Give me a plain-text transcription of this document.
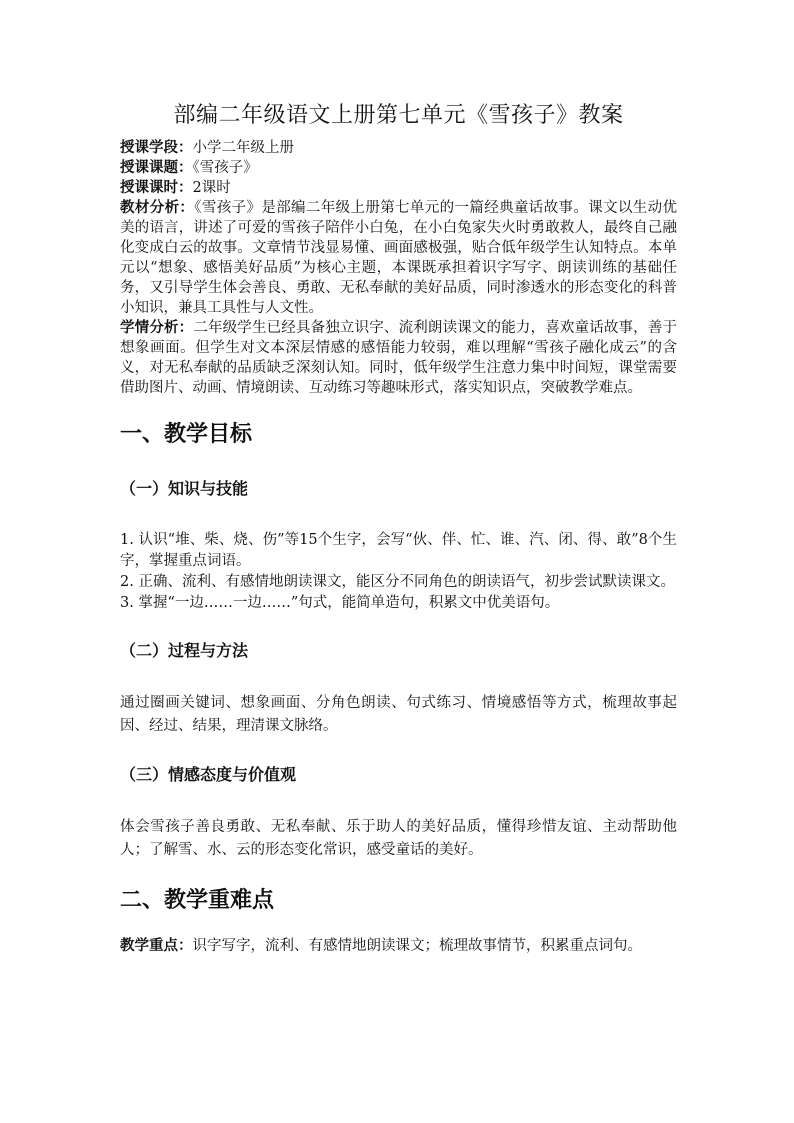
部编二年级语文上册第七单元《雪孩子》教案

授课学段：小学二年级上册

授课课题：《雪孩子》

授课课时：2课时

教材分析：《雪孩子》是部编二年级上册第七单元的一篇经典童话故事。课文以生动优美的语言，讲述了可爱的雪孩子陪伴小白兔，在小白兔家失火时勇敢救人，最终自己融化变成白云的故事。文章情节浅显易懂、画面感极强，贴合低年级学生认知特点。本单元以“想象、感悟美好品质”为核心主题，本课既承担着识字写字、朗读训练的基础任务，又引导学生体会善良、勇敢、无私奉献的美好品质，同时渗透水的形态变化的科普小知识，兼具工具性与人文性。

学情分析：二年级学生已经具备独立识字、流利朗读课文的能力，喜欢童话故事，善于想象画面。但学生对文本深层情感的感悟能力较弱，难以理解“雪孩子融化成云”的含义，对无私奉献的品质缺乏深刻认知。同时，低年级学生注意力集中时间短，课堂需要借助图片、动画、情境朗读、互动练习等趣味形式，落实知识点，突破教学难点。

一、教学目标
（一）知识与技能

1. 认识“堆、柴、烧、伤”等15个生字，会写“伙、伴、忙、谁、汽、闭、得、敢”8个生字，掌握重点词语。

2. 正确、流利、有感情地朗读课文，能区分不同角色的朗读语气，初步尝试默读课文。

3. 掌握“一边……一边……”句式，能简单造句，积累文中优美语句。

（二）过程与方法

通过圈画关键词、想象画面、分角色朗读、句式练习、情境感悟等方式，梳理故事起因、经过、结果，理清课文脉络。

（三）情感态度与价值观

体会雪孩子善良勇敢、无私奉献、乐于助人的美好品质，懂得珍惜友谊、主动帮助他人；了解雪、水、云的形态变化常识，感受童话的美好。

二、教学重难点

教学重点：识字写字，流利、有感情地朗读课文；梳理故事情节，积累重点词句。
